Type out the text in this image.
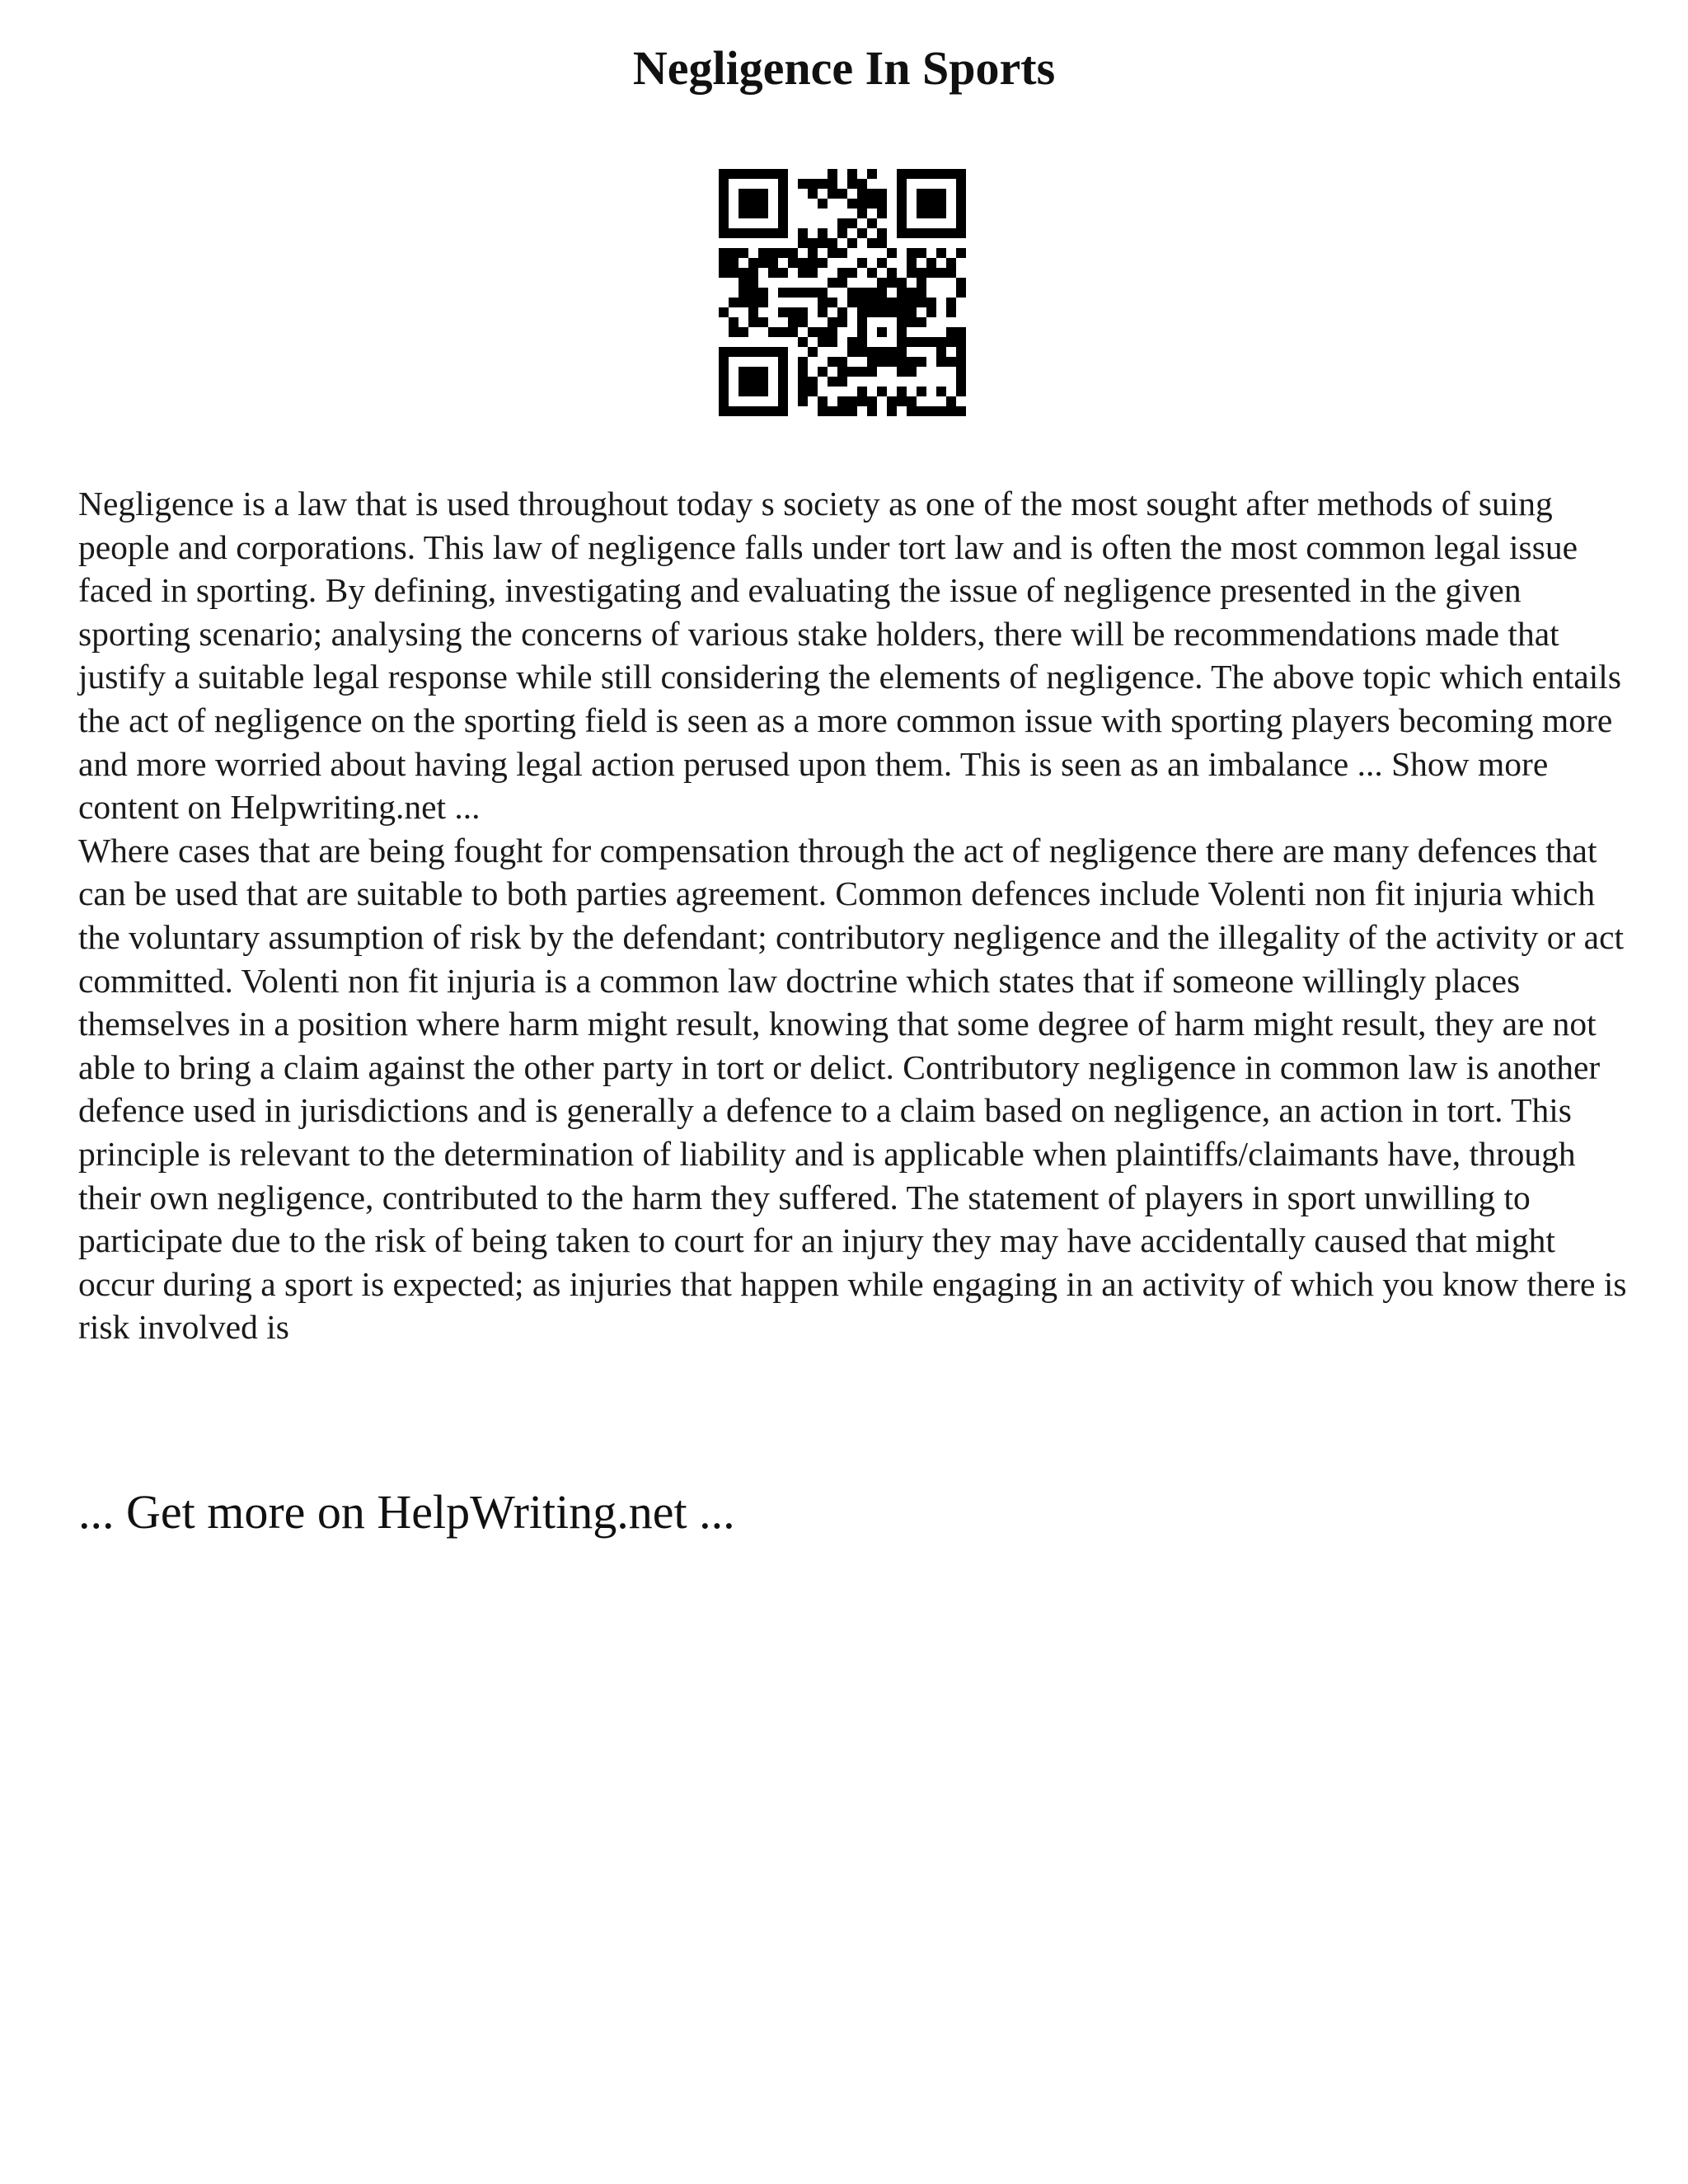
Negligence In Sports

Negligence is a law that is used throughout today s society as one of the most sought after methods of suing people and corporations. This law of negligence falls under tort law and is often the most common legal issue faced in sporting. By defining, investigating and evaluating the issue of negligence presented in the given sporting scenario; analysing the concerns of various stake holders, there will be recommendations made that justify a suitable legal response while still considering the elements of negligence. The above topic which entails the act of negligence on the sporting field is seen as a more common issue with sporting players becoming more and more worried about having legal action perused upon them. This is seen as an imbalance ... Show more content on Helpwriting.net ...

Where cases that are being fought for compensation through the act of negligence there are many defences that can be used that are suitable to both parties agreement. Common defences include Volenti non fit injuria which the voluntary assumption of risk by the defendant; contributory negligence and the illegality of the activity or act committed. Volenti non fit injuria is a common law doctrine which states that if someone willingly places themselves in a position where harm might result, knowing that some degree of harm might result, they are not able to bring a claim against the other party in tort or delict. Contributory negligence in common law is another defence used in jurisdictions and is generally a defence to a claim based on negligence, an action in tort. This principle is relevant to the determination of liability and is applicable when plaintiffs/claimants have, through their own negligence, contributed to the harm they suffered. The statement of players in sport unwilling to participate due to the risk of being taken to court for an injury they may have accidentally caused that might occur during a sport is expected; as injuries that happen while engaging in an activity of which you know there is risk involved is

... Get more on HelpWriting.net ...
